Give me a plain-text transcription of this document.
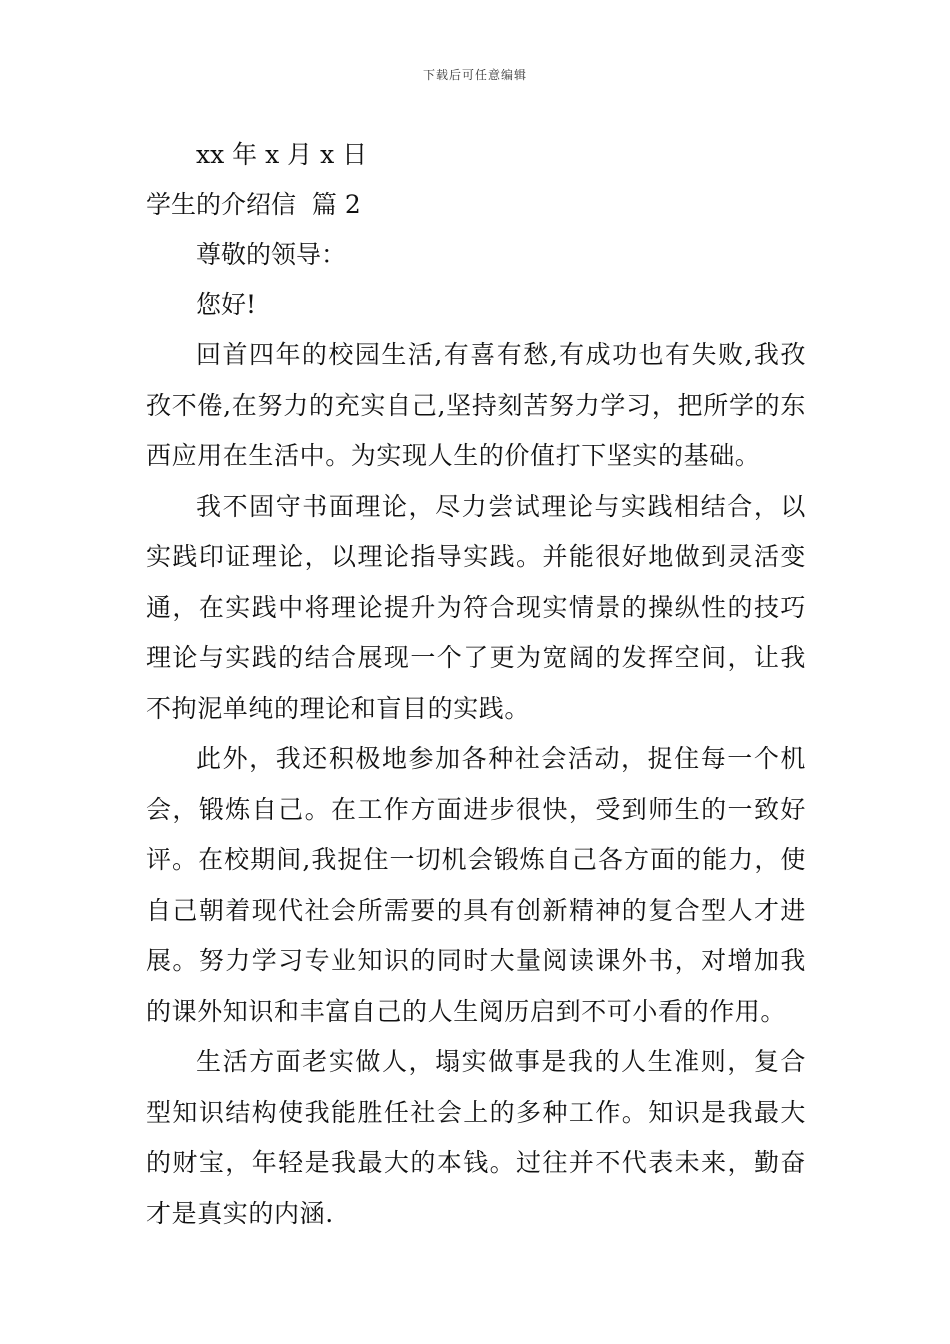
下载后可任意编辑
xx 年 x 月 x 日
学生的介绍信  篇 2
尊敬的领导：
您好!

回首四年的校园生活,有喜有愁,有成功也有失败,我孜孜不倦,在努力的充实自己,坚持刻苦努力学习，把所学的东西应用在生活中。为实现人生的价值打下坚实的基础。

我不固守书面理论，尽力尝试理论与实践相结合，以实践印证理论，以理论指导实践。并能很好地做到灵活变通，在实践中将理论提升为符合现实情景的操纵性的技巧理论与实践的结合展现一个了更为宽阔的发挥空间，让我不拘泥单纯的理论和盲目的实践。

此外，我还积极地参加各种社会活动，捉住每一个机会，锻炼自己。在工作方面进步很快，受到师生的一致好评。在校期间,我捉住一切机会锻炼自己各方面的能力，使自己朝着现代社会所需要的具有创新精神的复合型人才进展。努力学习专业知识的同时大量阅读课外书，对增加我的课外知识和丰富自己的人生阅历启到不可小看的作用。

生活方面老实做人，塌实做事是我的人生准则，复合型知识结构使我能胜任社会上的多种工作。知识是我最大的财宝，年轻是我最大的本钱。过往并不代表未来，勤奋才是真实的内涵.
